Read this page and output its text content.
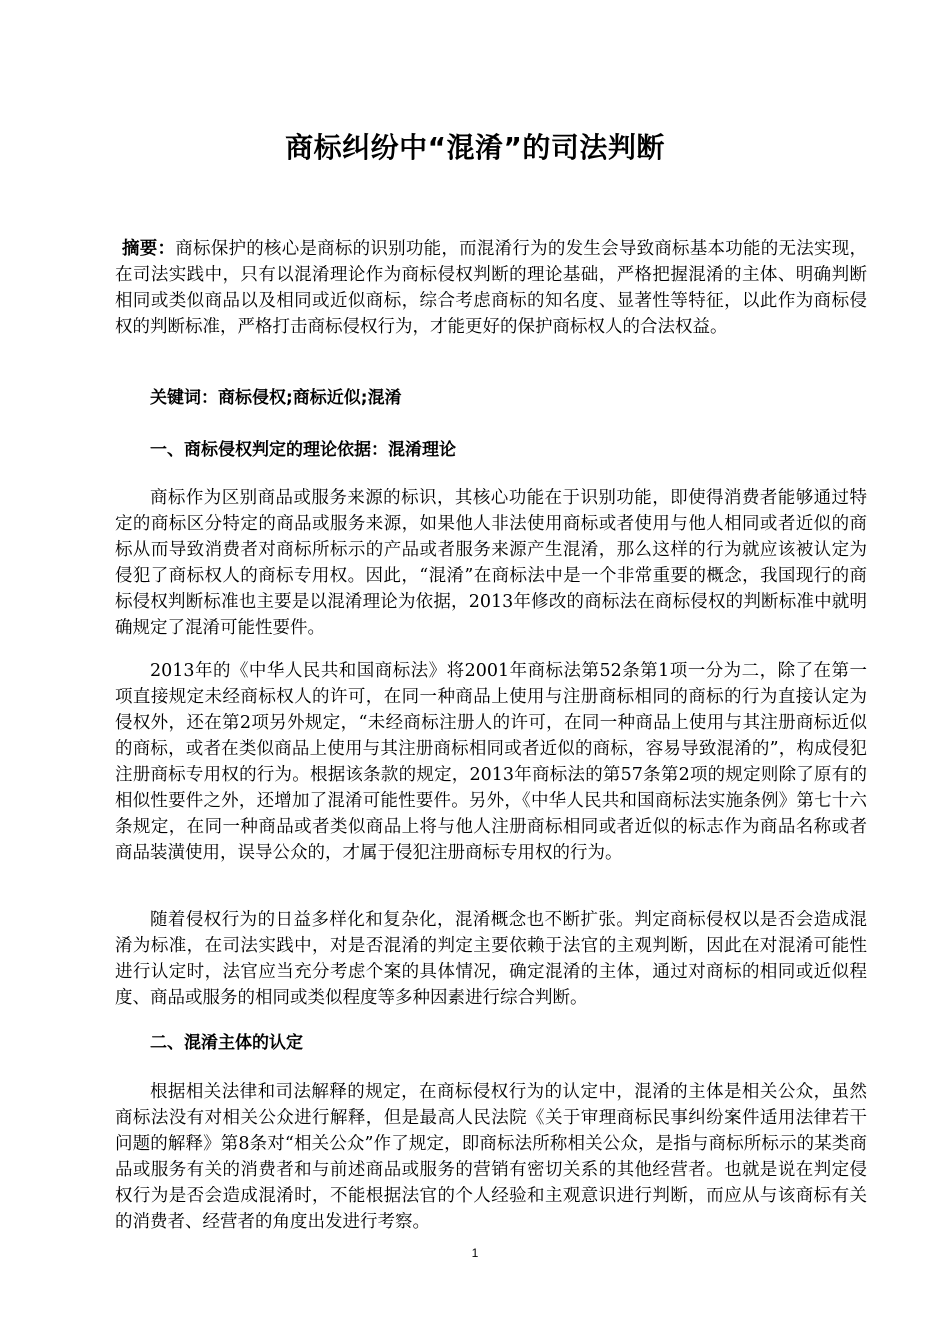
商标纠纷中“混淆”的司法判断
摘要：商标保护的核心是商标的识别功能，而混淆行为的发生会导致商标基本功能的无法实现，在司法实践中，只有以混淆理论作为商标侵权判断的理论基础，严格把握混淆的主体、明确判断相同或类似商品以及相同或近似商标，综合考虑商标的知名度、显著性等特征，以此作为商标侵权的判断标准，严格打击商标侵权行为，才能更好的保护商标权人的合法权益。
关键词：商标侵权;商标近似;混淆
一、商标侵权判定的理论依据：混淆理论
商标作为区别商品或服务来源的标识，其核心功能在于识别功能，即使得消费者能够通过特定的商标区分特定的商品或服务来源，如果他人非法使用商标或者使用与他人相同或者近似的商标从而导致消费者对商标所标示的产品或者服务来源产生混淆，那么这样的行为就应该被认定为侵犯了商标权人的商标专用权。因此，“混淆”在商标法中是一个非常重要的概念，我国现行的商标侵权判断标准也主要是以混淆理论为依据，2013年修改的商标法在商标侵权的判断标准中就明确规定了混淆可能性要件。
2013年的《中华人民共和国商标法》将2001年商标法第52条第1项一分为二，除了在第一项直接规定未经商标权人的许可，在同一种商品上使用与注册商标相同的商标的行为直接认定为侵权外，还在第2项另外规定，“未经商标注册人的许可，在同一种商品上使用与其注册商标近似的商标，或者在类似商品上使用与其注册商标相同或者近似的商标，容易导致混淆的”，构成侵犯注册商标专用权的行为。根据该条款的规定，2013年商标法的第57条第2项的规定则除了原有的相似性要件之外，还增加了混淆可能性要件。另外，《中华人民共和国商标法实施条例》第七十六条规定，在同一种商品或者类似商品上将与他人注册商标相同或者近似的标志作为商品名称或者商品装潢使用，误导公众的，才属于侵犯注册商标专用权的行为。
随着侵权行为的日益多样化和复杂化，混淆概念也不断扩张。判定商标侵权以是否会造成混淆为标准，在司法实践中，对是否混淆的判定主要依赖于法官的主观判断，因此在对混淆可能性进行认定时，法官应当充分考虑个案的具体情况，确定混淆的主体，通过对商标的相同或近似程度、商品或服务的相同或类似程度等多种因素进行综合判断。
二、混淆主体的认定
根据相关法律和司法解释的规定，在商标侵权行为的认定中，混淆的主体是相关公众，虽然商标法没有对相关公众进行解释，但是最高人民法院《关于审理商标民事纠纷案件适用法律若干问题的解释》第8条对“相关公众”作了规定，即商标法所称相关公众，是指与商标所标示的某类商品或服务有关的消费者和与前述商品或服务的营销有密切关系的其他经营者。也就是说在判定侵权行为是否会造成混淆时，不能根据法官的个人经验和主观意识进行判断，而应从与该商标有关的消费者、经营者的角度出发进行考察。
1
